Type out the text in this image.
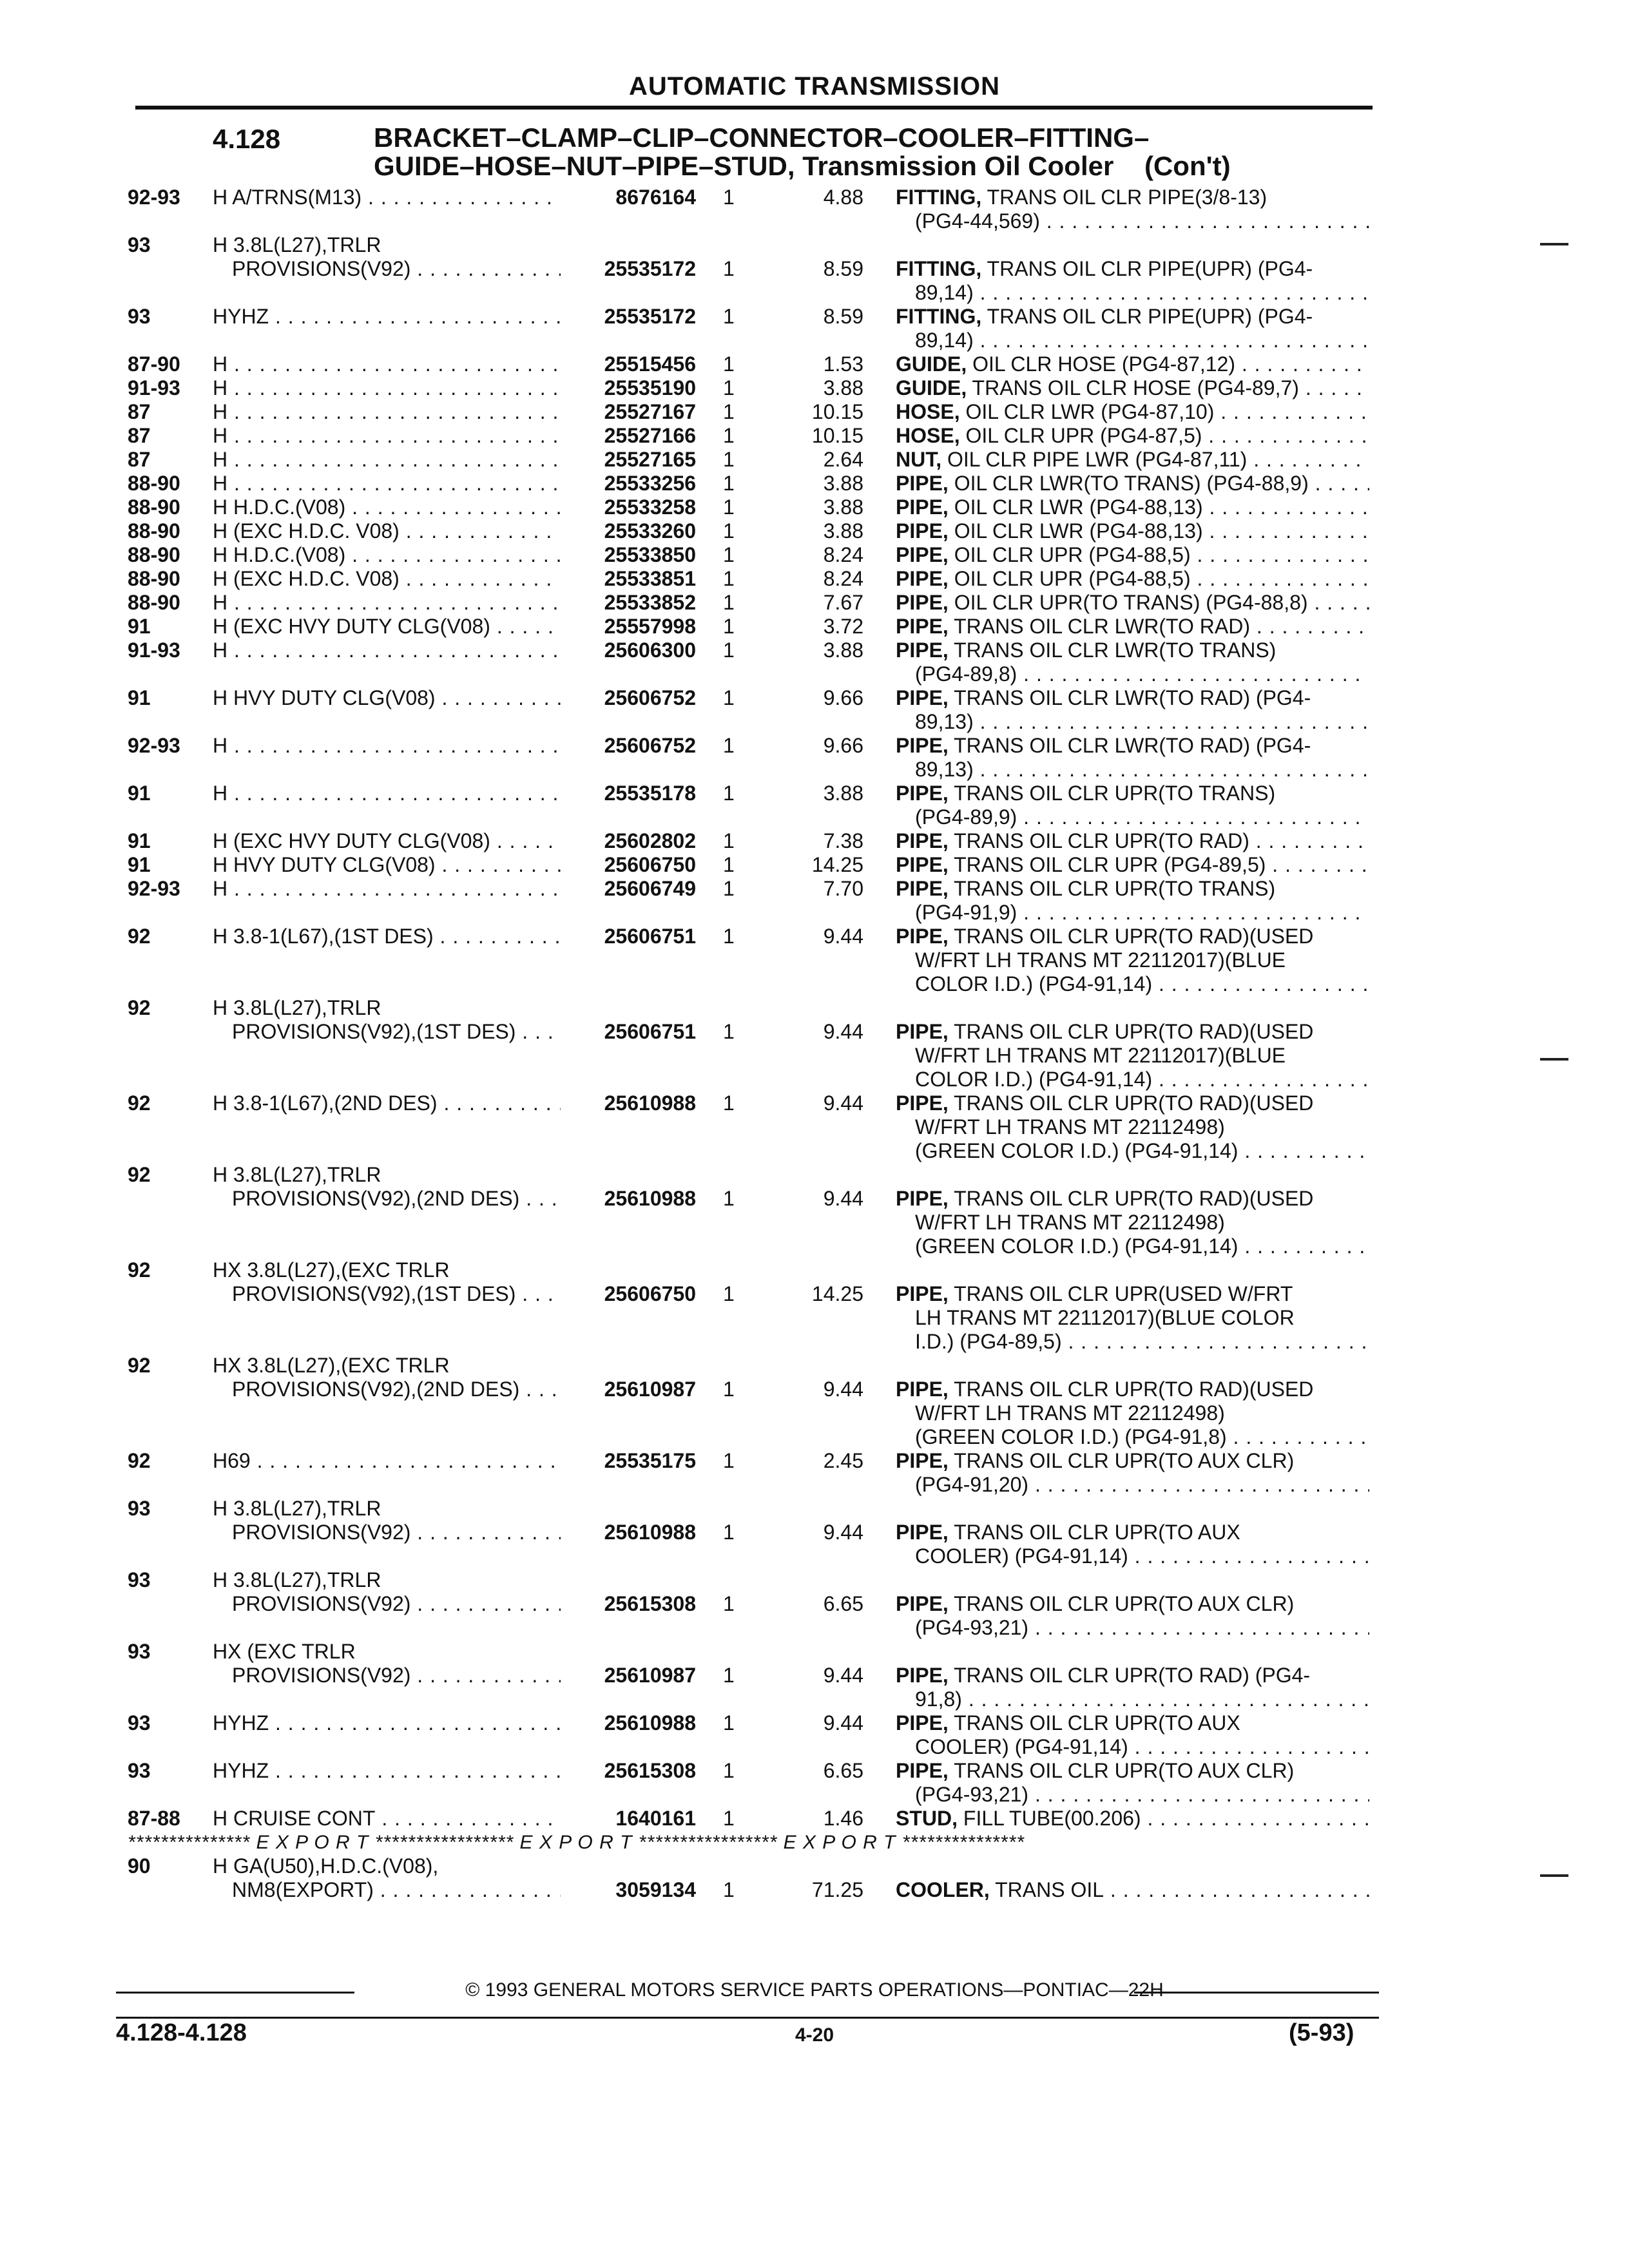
AUTOMATIC TRANSMISSION
4.128	BRACKET–CLAMP–CLIP–CONNECTOR–COOLER–FITTING–
GUIDE–HOSE–NUT–PIPE–STUD, Transmission Oil Cooler (Con't)
92-93	H A/TRNS(M13) . . .	8676164 1	4.88 FITTING, TRANS OIL CLR PIPE(3/8-13)
(PG4-44,569) . . .
93	H 3.8L(L27),TRLR
PROVISIONS(V92) . . .	25535172 1	8.59 FITTING, TRANS OIL CLR PIPE(UPR) (PG4-
89,14) . . .
93	HYHZ . . .	25535172 1	8.59 FITTING, TRANS OIL CLR PIPE(UPR) (PG4-
89,14) . . .
87-90	H . . .	25515456 1	1.53 GUIDE, OIL CLR HOSE (PG4-87,12) . . .
91-93	H . . .	25535190 1	3.88 GUIDE, TRANS OIL CLR HOSE (PG4-89,7) . . .
87	H . . .	25527167 1	10.15 HOSE, OIL CLR LWR (PG4-87,10) . . .
87	H . . .	25527166 1	10.15 HOSE, OIL CLR UPR (PG4-87,5) . . .
87	H . . .	25527165 1	2.64 NUT, OIL CLR PIPE LWR (PG4-87,11) . . .
88-90	H . . .	25533256 1	3.88 PIPE, OIL CLR LWR(TO TRANS) (PG4-88,9) . . .
88-90	H H.D.C.(V08) . . .	25533258 1	3.88 PIPE, OIL CLR LWR (PG4-88,13) . . .
88-90	H (EXC H.D.C. V08) . . .	25533260 1	3.88 PIPE, OIL CLR LWR (PG4-88,13) . . .
88-90	H H.D.C.(V08) . . .	25533850 1	8.24 PIPE, OIL CLR UPR (PG4-88,5) . . .
88-90	H (EXC H.D.C. V08) . . .	25533851 1	8.24 PIPE, OIL CLR UPR (PG4-88,5) . . .
88-90	H . . .	25533852 1	7.67 PIPE, OIL CLR UPR(TO TRANS) (PG4-88,8) . . .
91	H (EXC HVY DUTY CLG(V08) . . .	25557998 1	3.72 PIPE, TRANS OIL CLR LWR(TO RAD) . . .
91-93	H . . .	25606300 1	3.88 PIPE, TRANS OIL CLR LWR(TO TRANS)
(PG4-89,8) . . .
91	H HVY DUTY CLG(V08) . . .	25606752 1	9.66 PIPE, TRANS OIL CLR LWR(TO RAD) (PG4-
89,13) . . .
92-93	H . . .	25606752 1	9.66 PIPE, TRANS OIL CLR LWR(TO RAD) (PG4-
89,13) . . .
91	H . . .	25535178 1	3.88 PIPE, TRANS OIL CLR UPR(TO TRANS)
(PG4-89,9) . . .
91	H (EXC HVY DUTY CLG(V08) . . .	25602802 1	7.38 PIPE, TRANS OIL CLR UPR(TO RAD) . . .
91	H HVY DUTY CLG(V08) . . .	25606750 1	14.25 PIPE, TRANS OIL CLR UPR (PG4-89,5) . . .
92-93	H . . .	25606749 1	7.70 PIPE, TRANS OIL CLR UPR(TO TRANS)
(PG4-91,9) . . .
92	H 3.8-1(L67),(1ST DES) . . .	25606751 1	9.44 PIPE, TRANS OIL CLR UPR(TO RAD)(USED
W/FRT LH TRANS MT 22112017)(BLUE
COLOR I.D.) (PG4-91,14) . . .
92	H 3.8L(L27),TRLR
PROVISIONS(V92),(1ST DES) . . .	25606751 1	9.44 PIPE, TRANS OIL CLR UPR(TO RAD)(USED
W/FRT LH TRANS MT 22112017)(BLUE
COLOR I.D.) (PG4-91,14) . . .
92	H 3.8-1(L67),(2ND DES) . . .	25610988 1	9.44 PIPE, TRANS OIL CLR UPR(TO RAD)(USED
W/FRT LH TRANS MT 22112498)
(GREEN COLOR I.D.) (PG4-91,14) . . .
92	H 3.8L(L27),TRLR
PROVISIONS(V92),(2ND DES) . . .	25610988 1	9.44 PIPE, TRANS OIL CLR UPR(TO RAD)(USED
W/FRT LH TRANS MT 22112498)
(GREEN COLOR I.D.) (PG4-91,14) . . .
92	HX 3.8L(L27),(EXC TRLR
PROVISIONS(V92),(1ST DES) . . .	25606750 1	14.25 PIPE, TRANS OIL CLR UPR(USED W/FRT
LH TRANS MT 22112017)(BLUE COLOR
I.D.) (PG4-89,5) . . .
92	HX 3.8L(L27),(EXC TRLR
PROVISIONS(V92),(2ND DES) . . .	25610987 1	9.44 PIPE, TRANS OIL CLR UPR(TO RAD)(USED
W/FRT LH TRANS MT 22112498)
(GREEN COLOR I.D.) (PG4-91,8) . . .
92	H69 . . .	25535175 1	2.45 PIPE, TRANS OIL CLR UPR(TO AUX CLR)
(PG4-91,20) . . .
93	H 3.8L(L27),TRLR
PROVISIONS(V92) . . .	25610988 1	9.44 PIPE, TRANS OIL CLR UPR(TO AUX
COOLER) (PG4-91,14) . . .
93	H 3.8L(L27),TRLR
PROVISIONS(V92) . . .	25615308 1	6.65 PIPE, TRANS OIL CLR UPR(TO AUX CLR)
(PG4-93,21) . . .
93	HX (EXC TRLR
PROVISIONS(V92) . . .	25610987 1	9.44 PIPE, TRANS OIL CLR UPR(TO RAD) (PG4-
91,8) . . .
93	HYHZ . . .	25610988 1	9.44 PIPE, TRANS OIL CLR UPR(TO AUX
COOLER) (PG4-91,14) . . .
93	HYHZ . . .	25615308 1	6.65 PIPE, TRANS OIL CLR UPR(TO AUX CLR)
(PG4-93,21) . . .
87-88	H CRUISE CONT . . .	1640161 1	1.46 STUD, FILL TUBE(00.206) . . .
*************** E X P O R T ***************** E X P O R T ***************** E X P O R T ***************
90	H GA(U50),H.D.C.(V08),
NM8(EXPORT) . . .	3059134 1	71.25 COOLER, TRANS OIL . . .
© 1993 GENERAL MOTORS SERVICE PARTS OPERATIONS—PONTIAC—22H
4.128-4.128	4-20	(5-93)
